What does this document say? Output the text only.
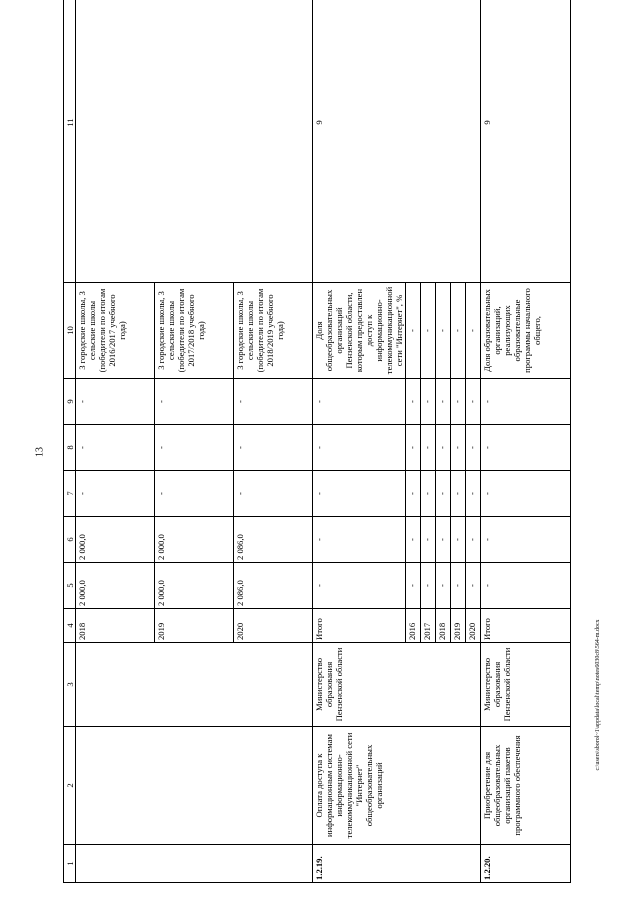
13
c:\users\sborol~1\appdata\local\temp\notes6030c8\564-m.docx
1	2	3	4	5	6	7	8	9	10	11
			2018	2 000,0	2 000,0	-	-	-	3 городские школы, 3 сельские школы (победители по итогам 2016/2017 учебного года)	
			2019	2 000,0	2 000,0	-	-	-	3 городские школы, 3 сельские школы (победители по итогам 2017/2018 учебного года)	
			2020	2 086,0	2 086,0	-	-	-	3 городские школы, 3 сельские школы (победители по итогам 2018/2019 учебного года)	
1.2.19.	Оплата доступа к информационным системам информационно-телекоммуникационной сети "Интернет" общеобразовательных организаций	Министерство образования Пензенской области	Итого	-	-	-	-	-	Доля общеобразовательных организаций Пензенской области, которым предоставлен доступ к информационно-телекоммуникационной сети "Интернет", %	9
			2016	-	-	-	-	-	-	
			2017	-	-	-	-	-	-	
			2018	-	-	-	-	-	-	
			2019	-	-	-	-	-	-	
			2020	-	-	-	-	-	-	
1.2.20.	Приобретение для общеобразовательных организаций пакетов программного обеспечения	Министерство образования Пензенской области	Итого	-	-	-	-	-	Доля образовательных организаций, реализующих образовательные программы начального общего,	9
